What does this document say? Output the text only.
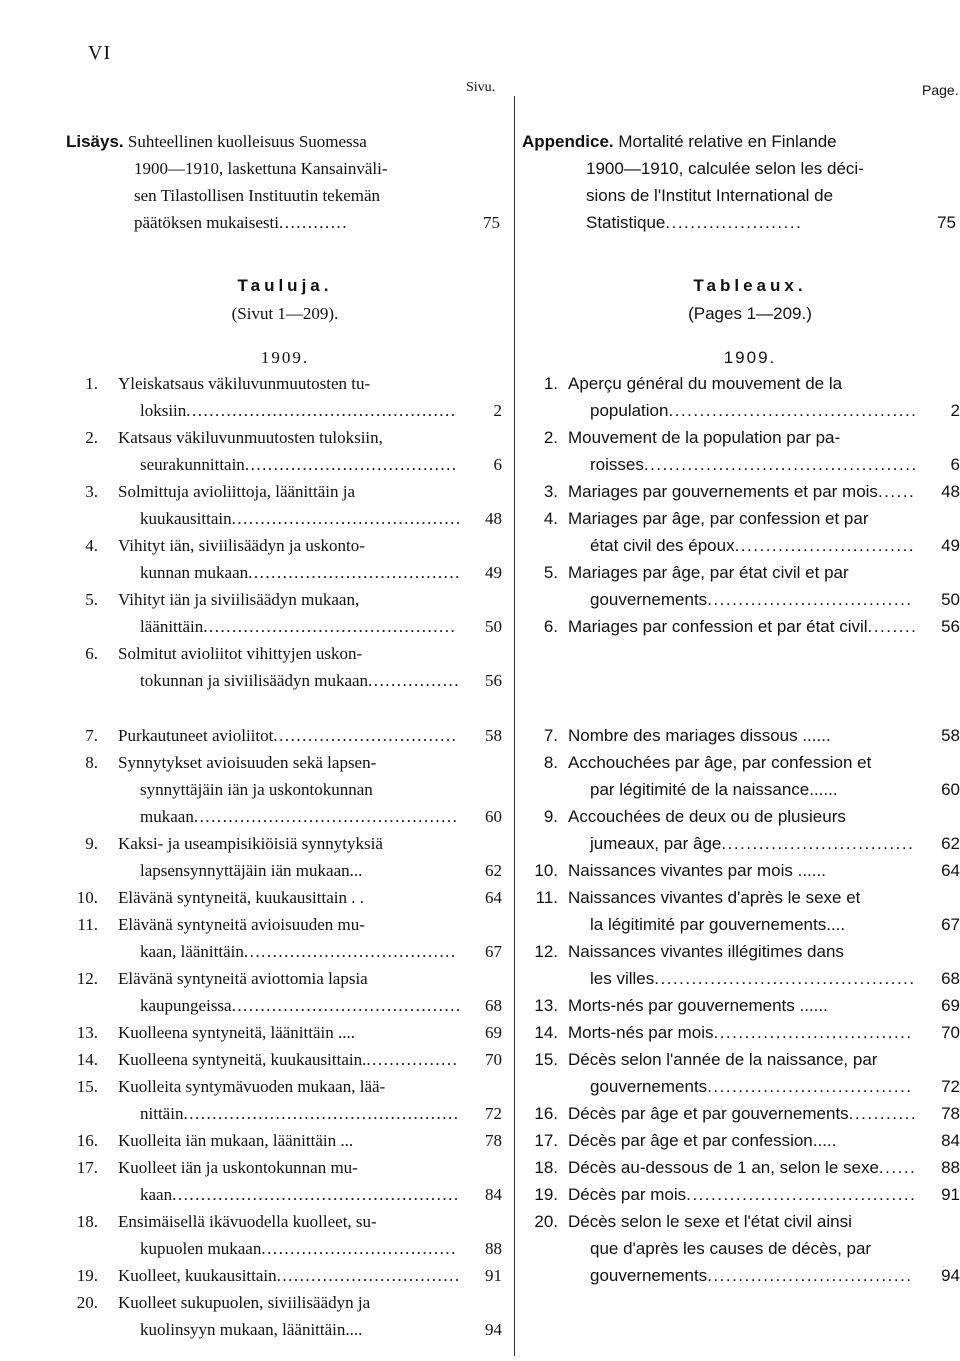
VI
Sivu.	Page.
Lisäys. Suhteellinen kuolleisuus Suomessa
1900—1910, laskettuna Kansainväli-
sen Tilastollisen Instituutin tekemän
päätöksen mukaisesti............	75
Appendice. Mortalité relative en Finlande
1900—1910, calculée selon les déci-
sions de l'Institut International de
Statistique......................	75
Tauluja.
(Sivut 1—209).
1909.
Tableaux.
(Pages 1—209.)
1909.
1. Yleiskatsaus väkiluvunmuutosten tu-
loksiin...............................................	2
2. Katsaus väkiluvunmuutosten tuloksiin,
seurakunnittain.....................................	6
3. Solmittuja avioliittoja, läänittäin ja
kuukausittain........................................	48
4. Vihityt iän, siviilisäädyn ja uskonto-
kunnan mukaan.....................................	49
5. Vihityt iän ja siviilisäädyn mukaan,
läänittäin............................................	50
6. Solmitut avioliitot vihittyjen uskon-
tokunnan ja siviilisäädyn mukaan................	56
7. Purkautuneet avioliitot................................	58
8. Synnytykset avioisuuden sekä lapsen-
synnyttäjäin iän ja uskontokunnan
mukaan..............................................	60
9. Kaksi- ja useampisikiöisiä synnytyksiä
lapsensynnyttäjäin iän mukaan...	62
10. Elävänä syntyneitä, kuukausittain . .	64
11. Elävänä syntyneitä avioisuuden mu-
kaan, läänittäin.....................................	67
12. Elävänä syntyneitä aviottomia lapsia
kaupungeissa........................................	68
13. Kuolleena syntyneitä, läänittäin ....	69
14. Kuolleena syntyneitä, kuukausittain.................	70
15. Kuolleita syntymävuoden mukaan, lää-
nittäin................................................	72
16. Kuolleita iän mukaan, läänittäin ...	78
17. Kuolleet iän ja uskontokunnan mu-
kaan..................................................	84
18. Ensimäisellä ikävuodella kuolleet, su-
kupuolen mukaan..................................	88
19. Kuolleet, kuukausittain................................	91
20. Kuolleet sukupuolen, siviilisäädyn ja
kuolinsyyn mukaan, läänittäin....	94
1. Aperçu général du mouvement de la
population........................................	2
2. Mouvement de la population par pa-
roisses............................................	6
3. Mariages par gouvernements et par mois......	48
4. Mariages par âge, par confession et par
état civil des époux.............................	49
5. Mariages par âge, par état civil et par
gouvernements.................................	50
6. Mariages par confession et par état civil........	56
7. Nombre des mariages dissous ......	58
8. Acchouchées par âge, par confession et
par légitimité de la naissance......	60
9. Accouchées de deux ou de plusieurs
jumeaux, par âge...............................	62
10. Naissances vivantes par mois ......	64
11. Naissances vivantes d'après le sexe et
la légitimité par gouvernements....	67
12. Naissances vivantes illégitimes dans
les villes..........................................	68
13. Morts-nés par gouvernements ......	69
14. Morts-nés par mois................................	70
15. Décès selon l'année de la naissance, par
gouvernements.................................	72
16. Décès par âge et par gouvernements...........	78
17. Décès par âge et par confession.....	84
18. Décès au-dessous de 1 an, selon le sexe......	88
19. Décès par mois.....................................	91
20. Décès selon le sexe et l'état civil ainsi
que d'après les causes de décès, par
gouvernements.................................	94
